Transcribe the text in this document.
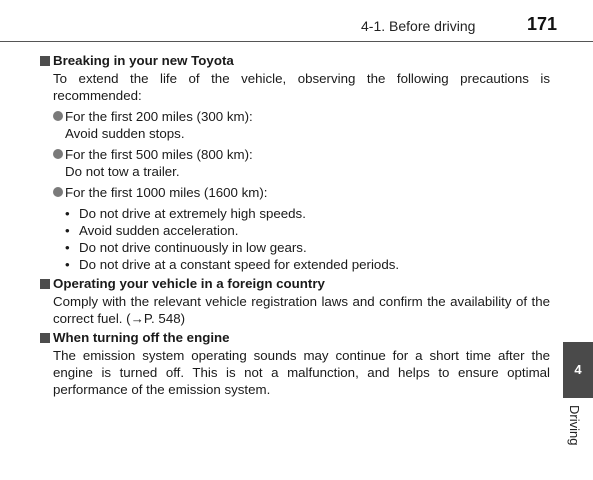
4-1. Before driving	171
Breaking in your new Toyota
To extend the life of the vehicle, observing the following precautions is recommended:
For the first 200 miles (300 km):
Avoid sudden stops.
For the first 500 miles (800 km):
Do not tow a trailer.
For the first 1000 miles (1600 km):
• Do not drive at extremely high speeds.
• Avoid sudden acceleration.
• Do not drive continuously in low gears.
• Do not drive at a constant speed for extended periods.
Operating your vehicle in a foreign country
Comply with the relevant vehicle registration laws and confirm the availability of the correct fuel. (→P. 548)
When turning off the engine
The emission system operating sounds may continue for a short time after the engine is turned off. This is not a malfunction, and helps to ensure optimal performance of the emission system.
4
Driving
